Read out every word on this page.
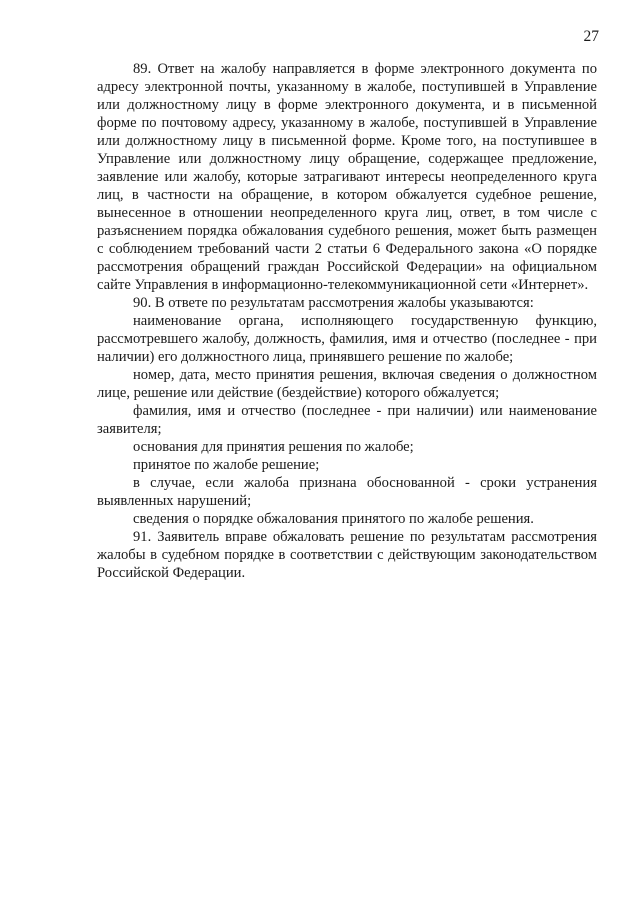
27

89. Ответ на жалобу направляется в форме электронного документа по адресу электронной почты, указанному в жалобе, поступившей в Управление или должностному лицу в форме электронного документа, и в письменной форме по почтовому адресу, указанному в жалобе, поступившей в Управление или должностному лицу в письменной форме. Кроме того, на поступившее в Управление или должностному лицу обращение, содержащее предложение, заявление или жалобу, которые затрагивают интересы неопределенного круга лиц, в частности на обращение, в котором обжалуется судебное решение, вынесенное в отношении неопределенного круга лиц, ответ, в том числе с разъяснением порядка обжалования судебного решения, может быть размещен с соблюдением требований части 2 статьи 6 Федерального закона «О порядке рассмотрения обращений граждан Российской Федерации» на официальном сайте Управления в информационно-телекоммуникационной сети «Интернет».

90. В ответе по результатам рассмотрения жалобы указываются:

наименование органа, исполняющего государственную функцию, рассмотревшего жалобу, должность, фамилия, имя и отчество (последнее - при наличии) его должностного лица, принявшего решение по жалобе;

номер, дата, место принятия решения, включая сведения о должностном лице, решение или действие (бездействие) которого обжалуется;

фамилия, имя и отчество (последнее - при наличии) или наименование заявителя;

основания для принятия решения по жалобе;

принятое по жалобе решение;

в случае, если жалоба признана обоснованной - сроки устранения выявленных нарушений;

сведения о порядке обжалования принятого по жалобе решения.

91. Заявитель вправе обжаловать решение по результатам рассмотрения жалобы в судебном порядке в соответствии с действующим законодательством Российской Федерации.
